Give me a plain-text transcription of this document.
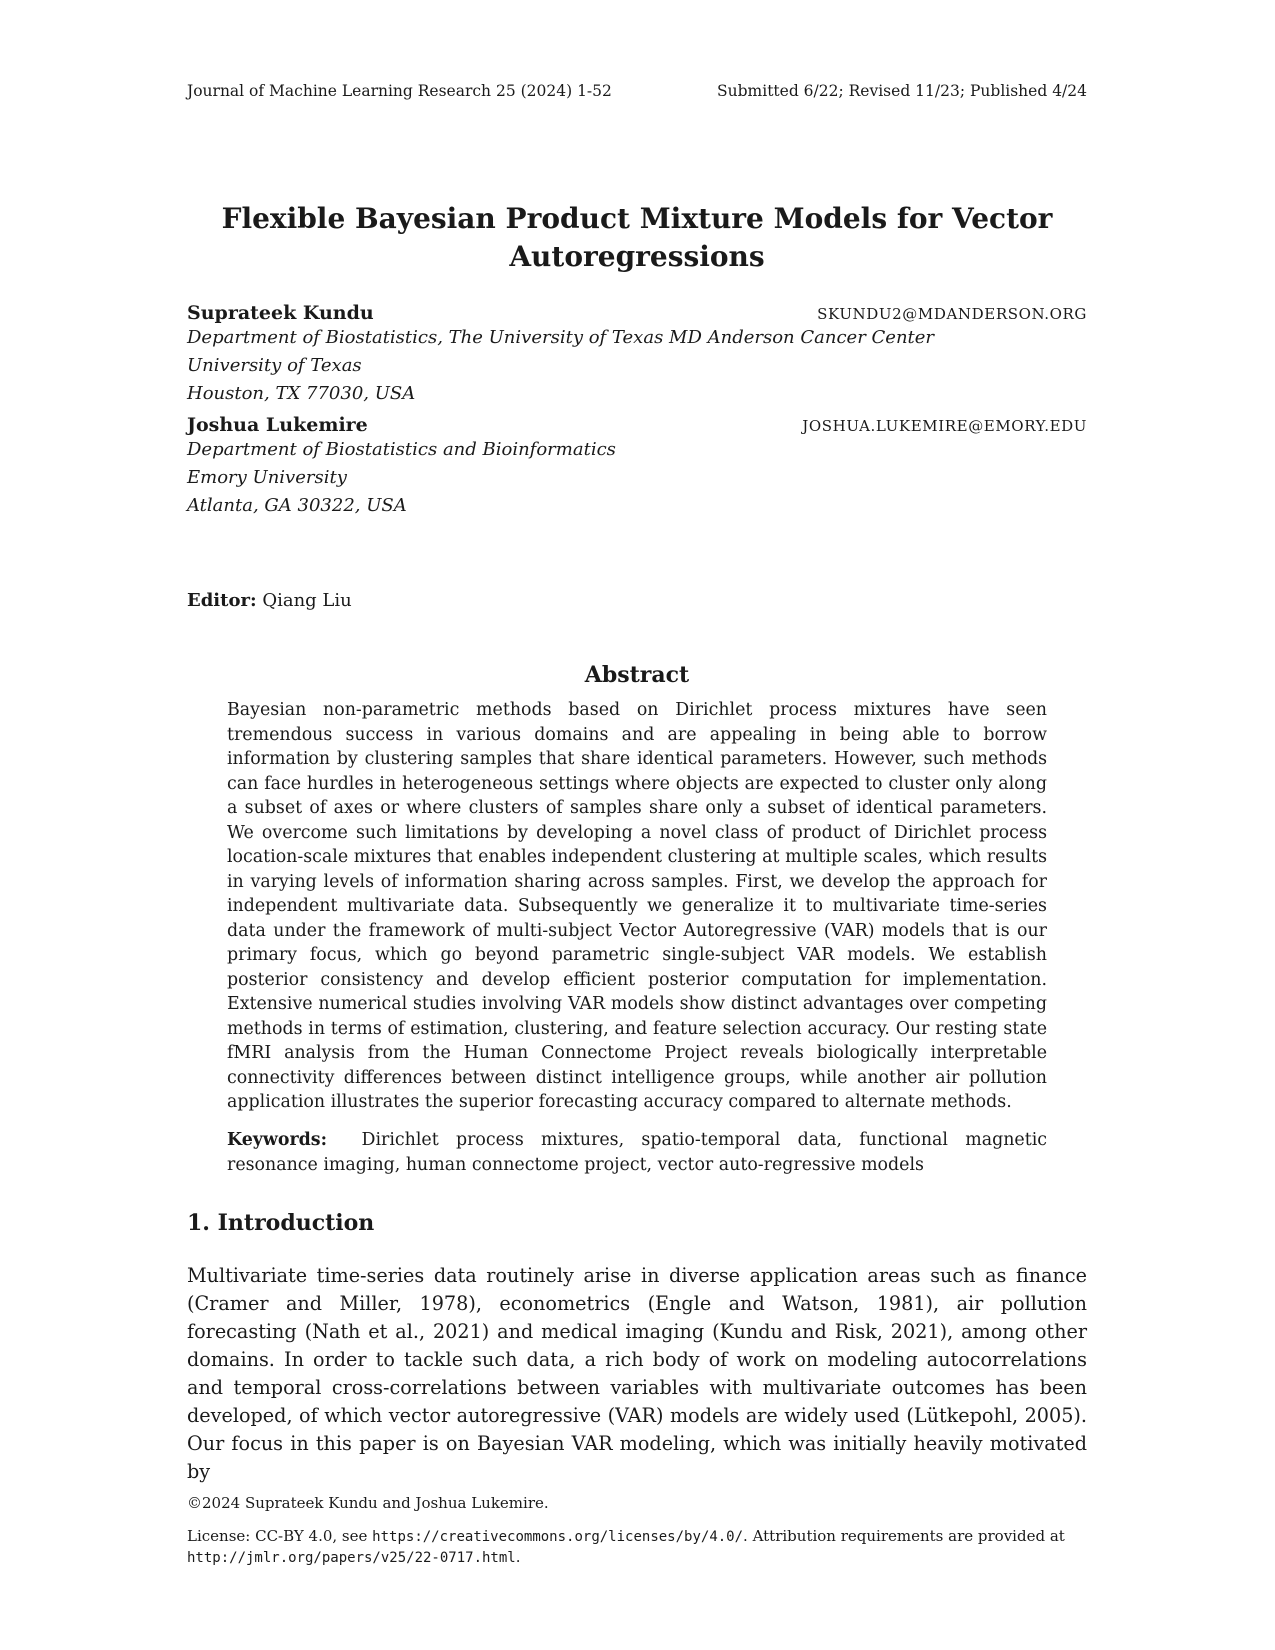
Journal of Machine Learning Research 25 (2024) 1-52	Submitted 6/22; Revised 11/23; Published 4/24
Flexible Bayesian Product Mixture Models for Vector Autoregressions
Suprateek Kundu	SKUNDU2@MDANDERSON.ORG
Department of Biostatistics, The University of Texas MD Anderson Cancer Center
University of Texas
Houston, TX 77030, USA
Joshua Lukemire	JOSHUA.LUKEMIRE@EMORY.EDU
Department of Biostatistics and Bioinformatics
Emory University
Atlanta, GA 30322, USA
Editor: Qiang Liu
Abstract
Bayesian non-parametric methods based on Dirichlet process mixtures have seen tremendous success in various domains and are appealing in being able to borrow information by clustering samples that share identical parameters. However, such methods can face hurdles in heterogeneous settings where objects are expected to cluster only along a subset of axes or where clusters of samples share only a subset of identical parameters. We overcome such limitations by developing a novel class of product of Dirichlet process location-scale mixtures that enables independent clustering at multiple scales, which results in varying levels of information sharing across samples. First, we develop the approach for independent multivariate data. Subsequently we generalize it to multivariate time-series data under the framework of multi-subject Vector Autoregressive (VAR) models that is our primary focus, which go beyond parametric single-subject VAR models. We establish posterior consistency and develop efficient posterior computation for implementation. Extensive numerical studies involving VAR models show distinct advantages over competing methods in terms of estimation, clustering, and feature selection accuracy. Our resting state fMRI analysis from the Human Connectome Project reveals biologically interpretable connectivity differences between distinct intelligence groups, while another air pollution application illustrates the superior forecasting accuracy compared to alternate methods.
Keywords: Dirichlet process mixtures, spatio-temporal data, functional magnetic resonance imaging, human connectome project, vector auto-regressive models
1. Introduction
Multivariate time-series data routinely arise in diverse application areas such as finance (Cramer and Miller, 1978), econometrics (Engle and Watson, 1981), air pollution forecasting (Nath et al., 2021) and medical imaging (Kundu and Risk, 2021), among other domains. In order to tackle such data, a rich body of work on modeling autocorrelations and temporal cross-correlations between variables with multivariate outcomes has been developed, of which vector autoregressive (VAR) models are widely used (Lütkepohl, 2005). Our focus in this paper is on Bayesian VAR modeling, which was initially heavily motivated by
©2024 Suprateek Kundu and Joshua Lukemire.
License: CC-BY 4.0, see https://creativecommons.org/licenses/by/4.0/. Attribution requirements are provided at http://jmlr.org/papers/v25/22-0717.html.
